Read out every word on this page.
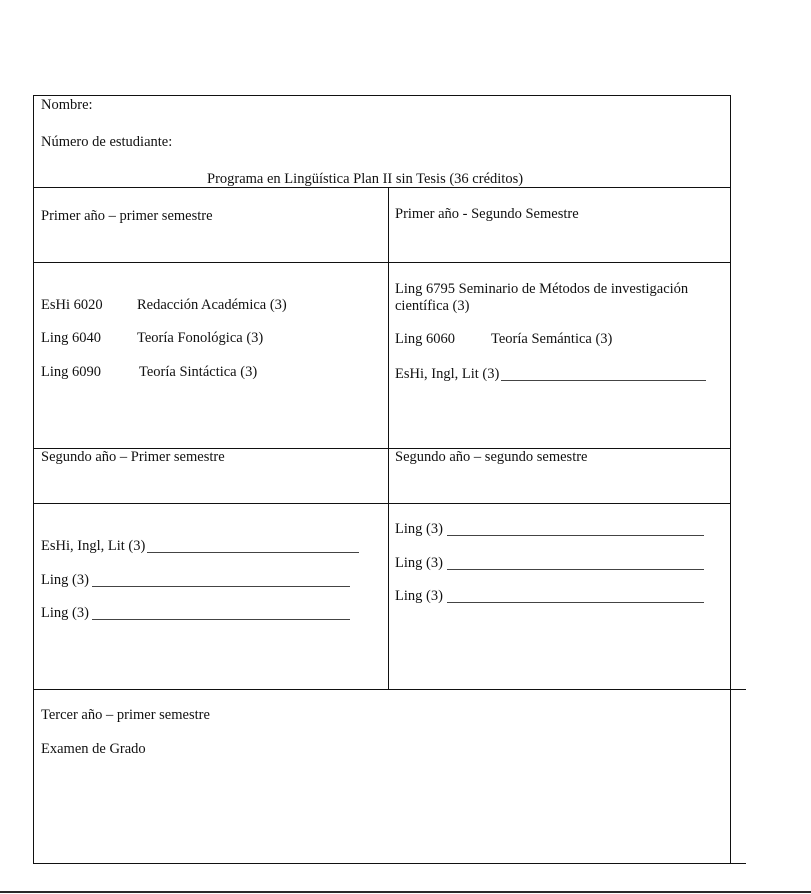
Nombre:
Número de estudiante:
Programa en Lingüística Plan II sin Tesis (36 créditos)
Primer año – primer semestre
EsHi 6020 Redacción Académica (3)
Ling 6040 Teoría Fonológica (3)
Ling 6090	Teoría Sintáctica (3)
Primer año - Segundo Semestre
Ling 6795 Seminario de Métodos de investigación
científica (3)
Ling 6060 Teoría Semántica (3)
EsHi, Ingl, Lit (3)
Segundo año – Primer semestre
EsHi, Ingl, Lit (3)
Ling (3)
Ling (3)
Segundo año – segundo semestre
Ling (3)
Ling (3)
Ling (3)
Tercer año – primer semestre
Examen de Grado
